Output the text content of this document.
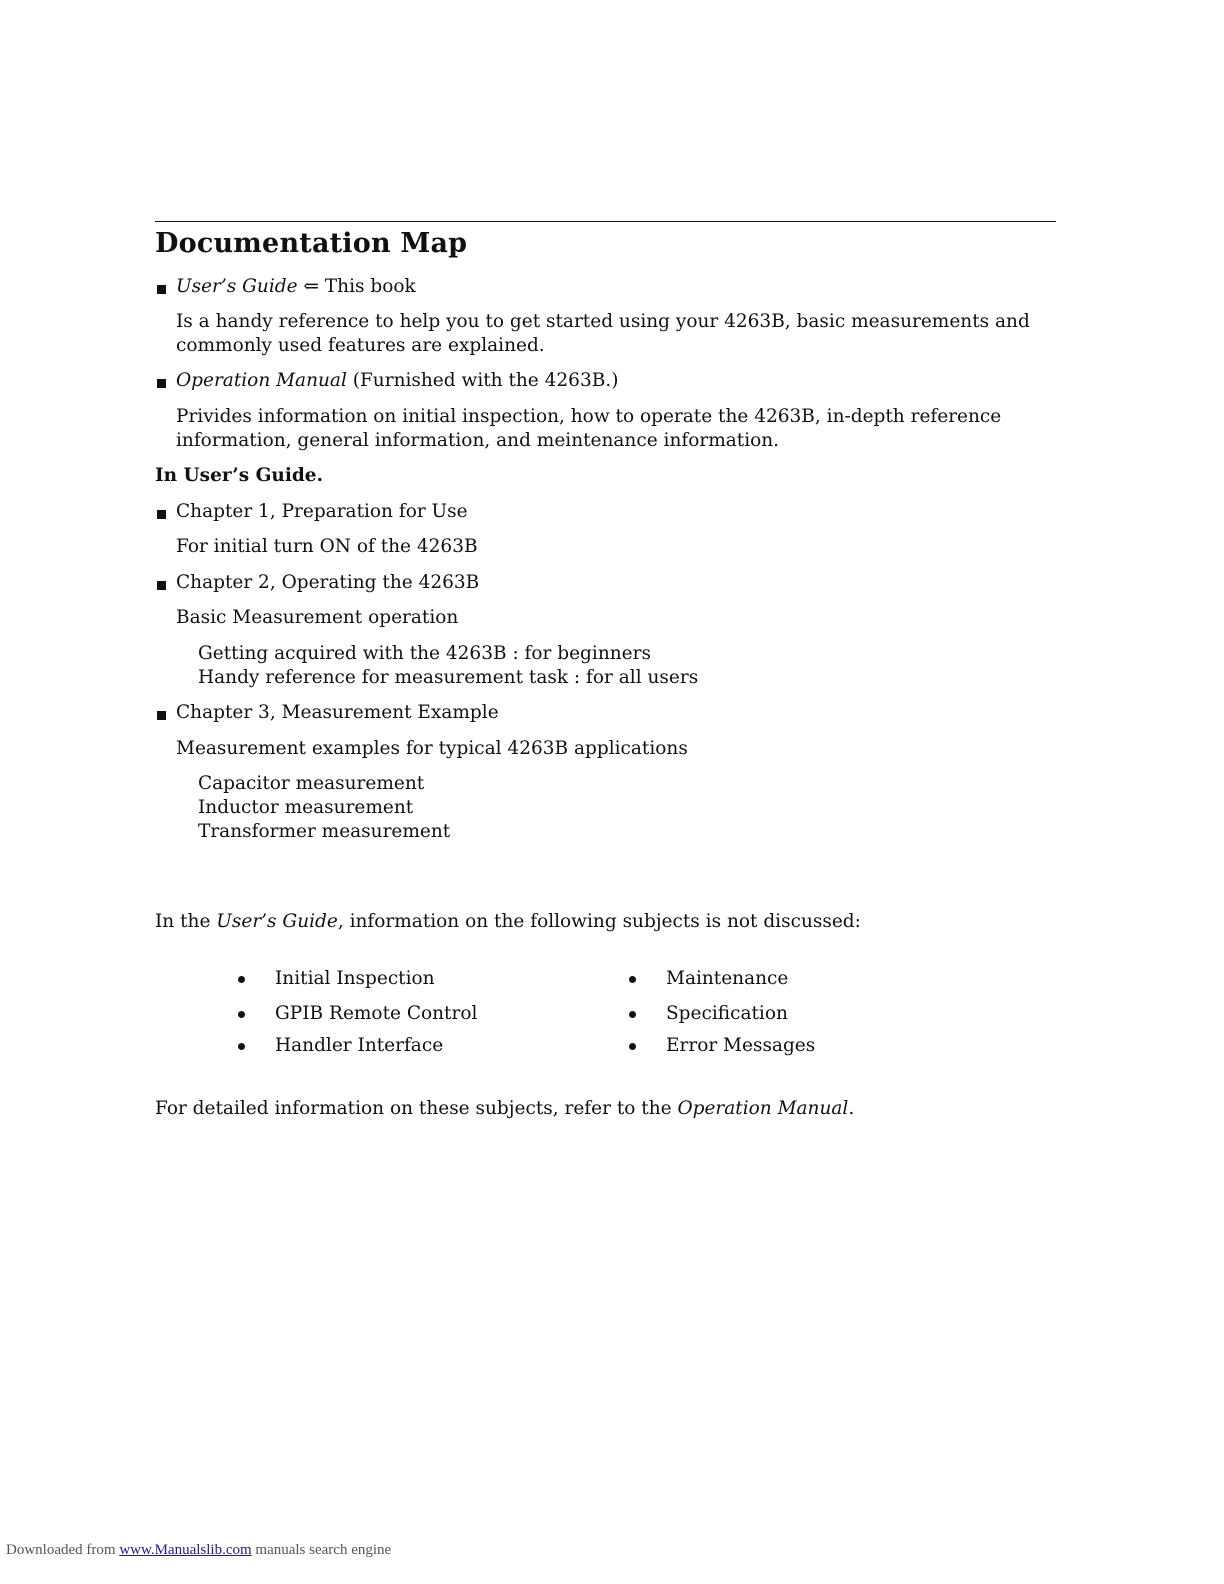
Documentation Map
User’s Guide ⇐ This book
Is a handy reference to help you to get started using your 4263B, basic measurements and
commonly used features are explained.
Operation Manual (Furnished with the 4263B.)
Privides information on initial inspection, how to operate the 4263B, in-depth reference
information, general information, and meintenance information.
In User’s Guide.
Chapter 1, Preparation for Use
For initial turn ON of the 4263B
Chapter 2, Operating the 4263B
Basic Measurement operation
Getting acquired with the 4263B : for beginners
Handy reference for measurement task : for all users
Chapter 3, Measurement Example
Measurement examples for typical 4263B applications
Capacitor measurement
Inductor measurement
Transformer measurement
In the User’s Guide, information on the following subjects is not discussed:
Initial Inspection
GPIB Remote Control
Handler Interface
Maintenance
Specification
Error Messages
For detailed information on these subjects, refer to the Operation Manual.
Downloaded from www.Manualslib.com manuals search engine
